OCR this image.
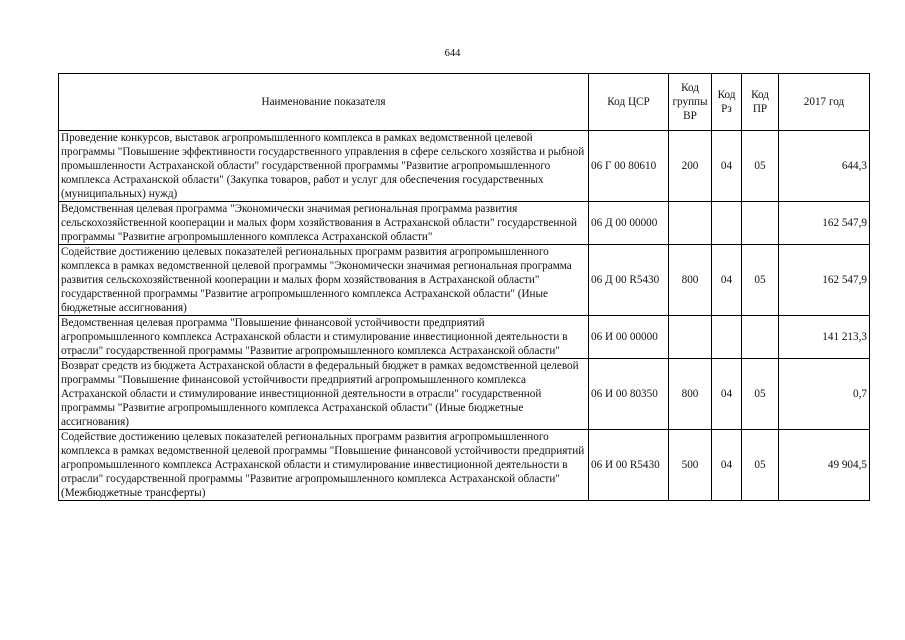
644
Наименование показателя	Код ЦСР	Код группы ВР	Код Рз	Код ПР	2017 год
Проведение конкурсов, выставок агропромышленного комплекса в рамках ведомственной целевой программы "Повышение эффективности государственного управления в сфере сельского хозяйства и рыбной промышленности Астраханской области" государственной программы "Развитие агропромышленного комплекса Астраханской области" (Закупка товаров, работ и услуг для обеспечения государственных (муниципальных) нужд)	06 Г 00 80610	200	04	05	644,3
Ведомственная целевая программа "Экономически значимая региональная программа развития сельскохозяйственной кооперации и малых форм хозяйствования в Астраханской области" государственной программы "Развитие агропромышленного комплекса Астраханской области"	06 Д 00 00000				162 547,9
Содействие достижению целевых показателей региональных программ развития агропромышленного комплекса в рамках ведомственной целевой программы "Экономически значимая региональная программа развития сельскохозяйственной кооперации и малых форм хозяйствования в Астраханской области" государственной программы "Развитие агропромышленного комплекса Астраханской области" (Иные бюджетные ассигнования)	06 Д 00 R5430	800	04	05	162 547,9
Ведомственная целевая программа "Повышение финансовой устойчивости предприятий агропромышленного комплекса Астраханской области и стимулирование инвестиционной деятельности в отрасли" государственной программы "Развитие агропромышленного комплекса Астраханской области"	06 И 00 00000				141 213,3
Возврат средств из бюджета Астраханской области в федеральный бюджет в рамках ведомственной целевой программы "Повышение финансовой устойчивости предприятий агропромышленного комплекса Астраханской области и стимулирование инвестиционной деятельности в отрасли" государственной программы "Развитие агропромышленного комплекса Астраханской области" (Иные бюджетные ассигнования)	06 И 00 80350	800	04	05	0,7
Содействие достижению целевых показателей региональных программ развития агропромышленного комплекса в рамках ведомственной целевой программы "Повышение финансовой устойчивости предприятий агропромышленного комплекса Астраханской области и стимулирование инвестиционной деятельности в отрасли" государственной программы "Развитие агропромышленного комплекса Астраханской области" (Межбюджетные трансферты)	06 И 00 R5430	500	04	05	49 904,5
